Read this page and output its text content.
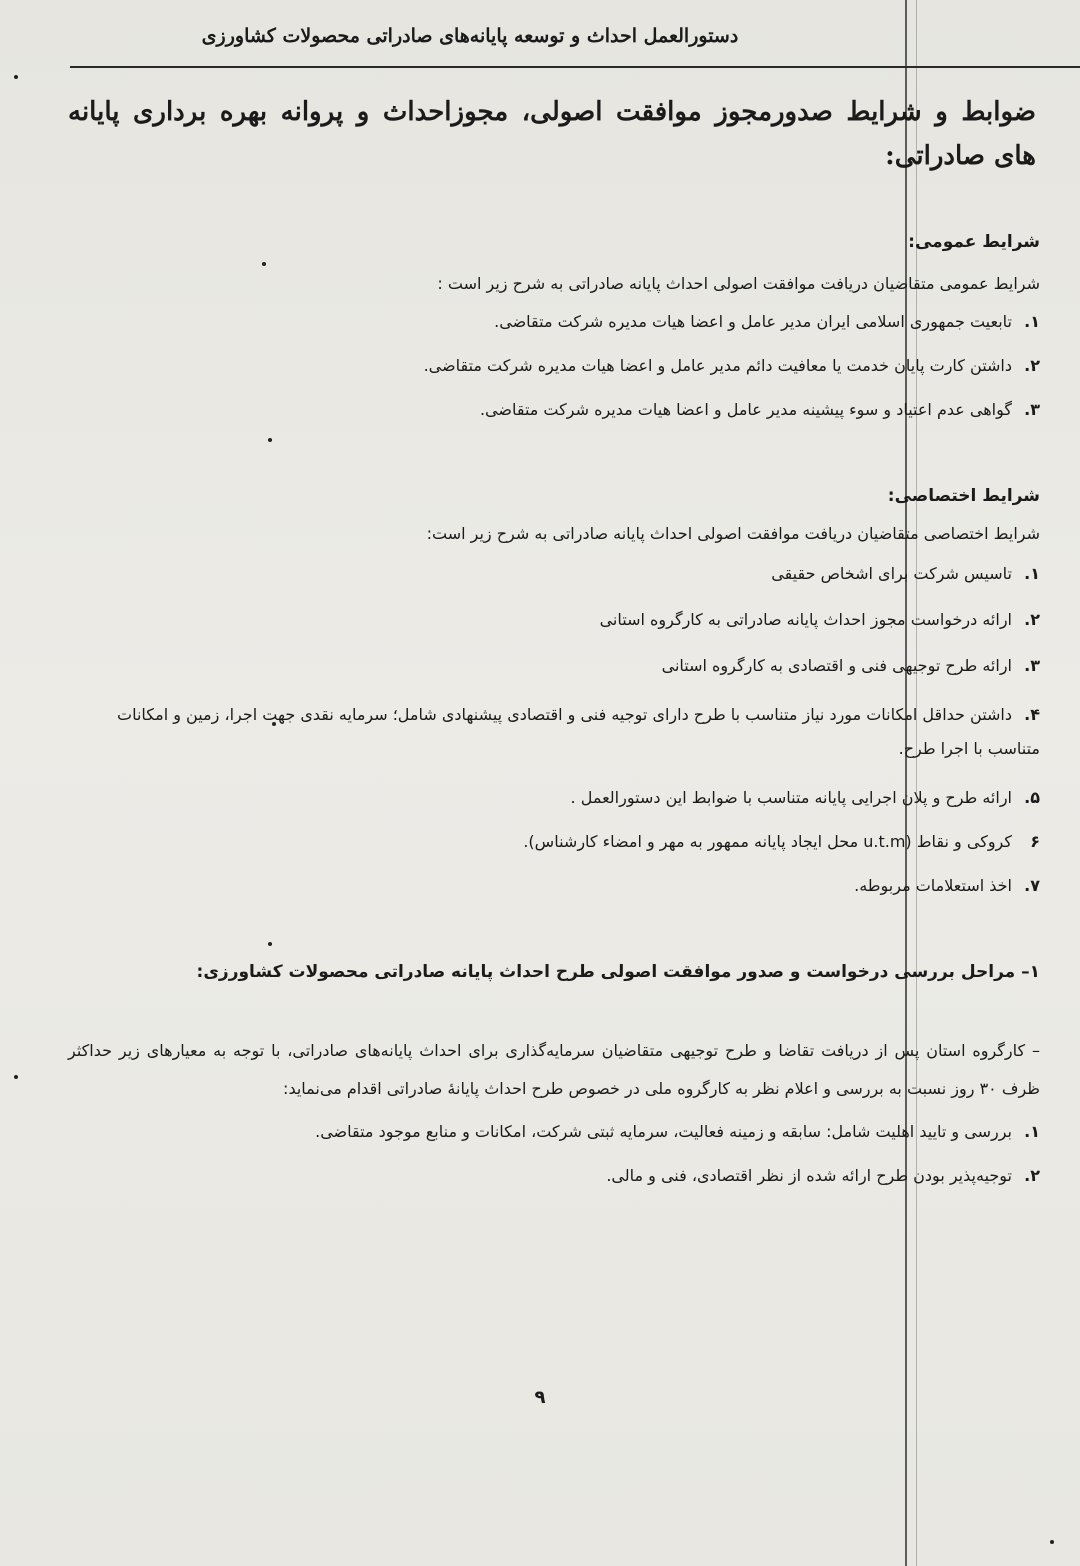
دستورالعمل احداث و توسعه پایانه‌های صادراتی محصولات کشاورزی
ضوابط و شرایط صدورمجوز موافقت اصولی، مجوزاحداث و پروانه بهره برداری پایانه های صادراتی:
شرایط عمومی:

شرایط عمومی متقاضیان دریافت موافقت اصولی احداث پایانه صادراتی به شرح زیر است :

۱.تابعیت جمهوری اسلامی ایران مدیر عامل و اعضا هیات مدیره شرکت متقاضی.

۲.داشتن کارت پایان خدمت یا معافیت دائم مدیر عامل و اعضا هیات مدیره شرکت متقاضی.

۳.گواهی عدم اعتیاد و سوء پیشینه مدیر عامل و اعضا هیات مدیره شرکت متقاضی.

شرایط اختصاصی:

شرایط اختصاصی متقاضیان دریافت موافقت اصولی احداث پایانه صادراتی به شرح زیر است:

۱.تاسیس شرکت برای اشخاص حقیقی

۲.ارائه درخواست مجوز احداث پایانه صادراتی به کارگروه استانی

۳.ارائه طرح توجیهی فنی و اقتصادی به کارگروه استانی

۴.داشتن حداقل امکانات مورد نیاز متناسب با طرح دارای توجیه فنی و اقتصادی پیشنهادی شامل؛ سرمایه نقدی جهت اجرا، زمین و امکانات متناسب با اجرا طرح.

۵.ارائه طرح و پلان اجرایی پایانه متناسب با ضوابط این دستورالعمل .

۶کروکی و نقاط (u.t.m محل ایجاد پایانه ممهور به مهر و امضاء کارشناس).

۷.اخذ استعلامات مربوطه.

۱– مراحل بررسی درخواست و صدور موافقت اصولی طرح احداث پایانه صادراتی محصولات کشاورزی:

– کارگروه استان پس از دریافت تقاضا و طرح توجیهی متقاضیان سرمایه‌گذاری برای احداث پایانه‌های صادراتی، با توجه به معیارهای زیر حداکثر ظرف ۳۰ روز نسبت به بررسی و اعلام نظر به کارگروه ملی در خصوص طرح احداث پایانهٔ صادراتی اقدام می‌نماید:

۱.بررسی و تایید اهلیت شامل: سابقه و زمینه فعالیت، سرمایه ثبتی شرکت، امکانات و منابع موجود متقاضی.

۲.توجیه‌پذیر بودن طرح ارائه شده از نظر اقتصادی، فنی و مالی.

۹
